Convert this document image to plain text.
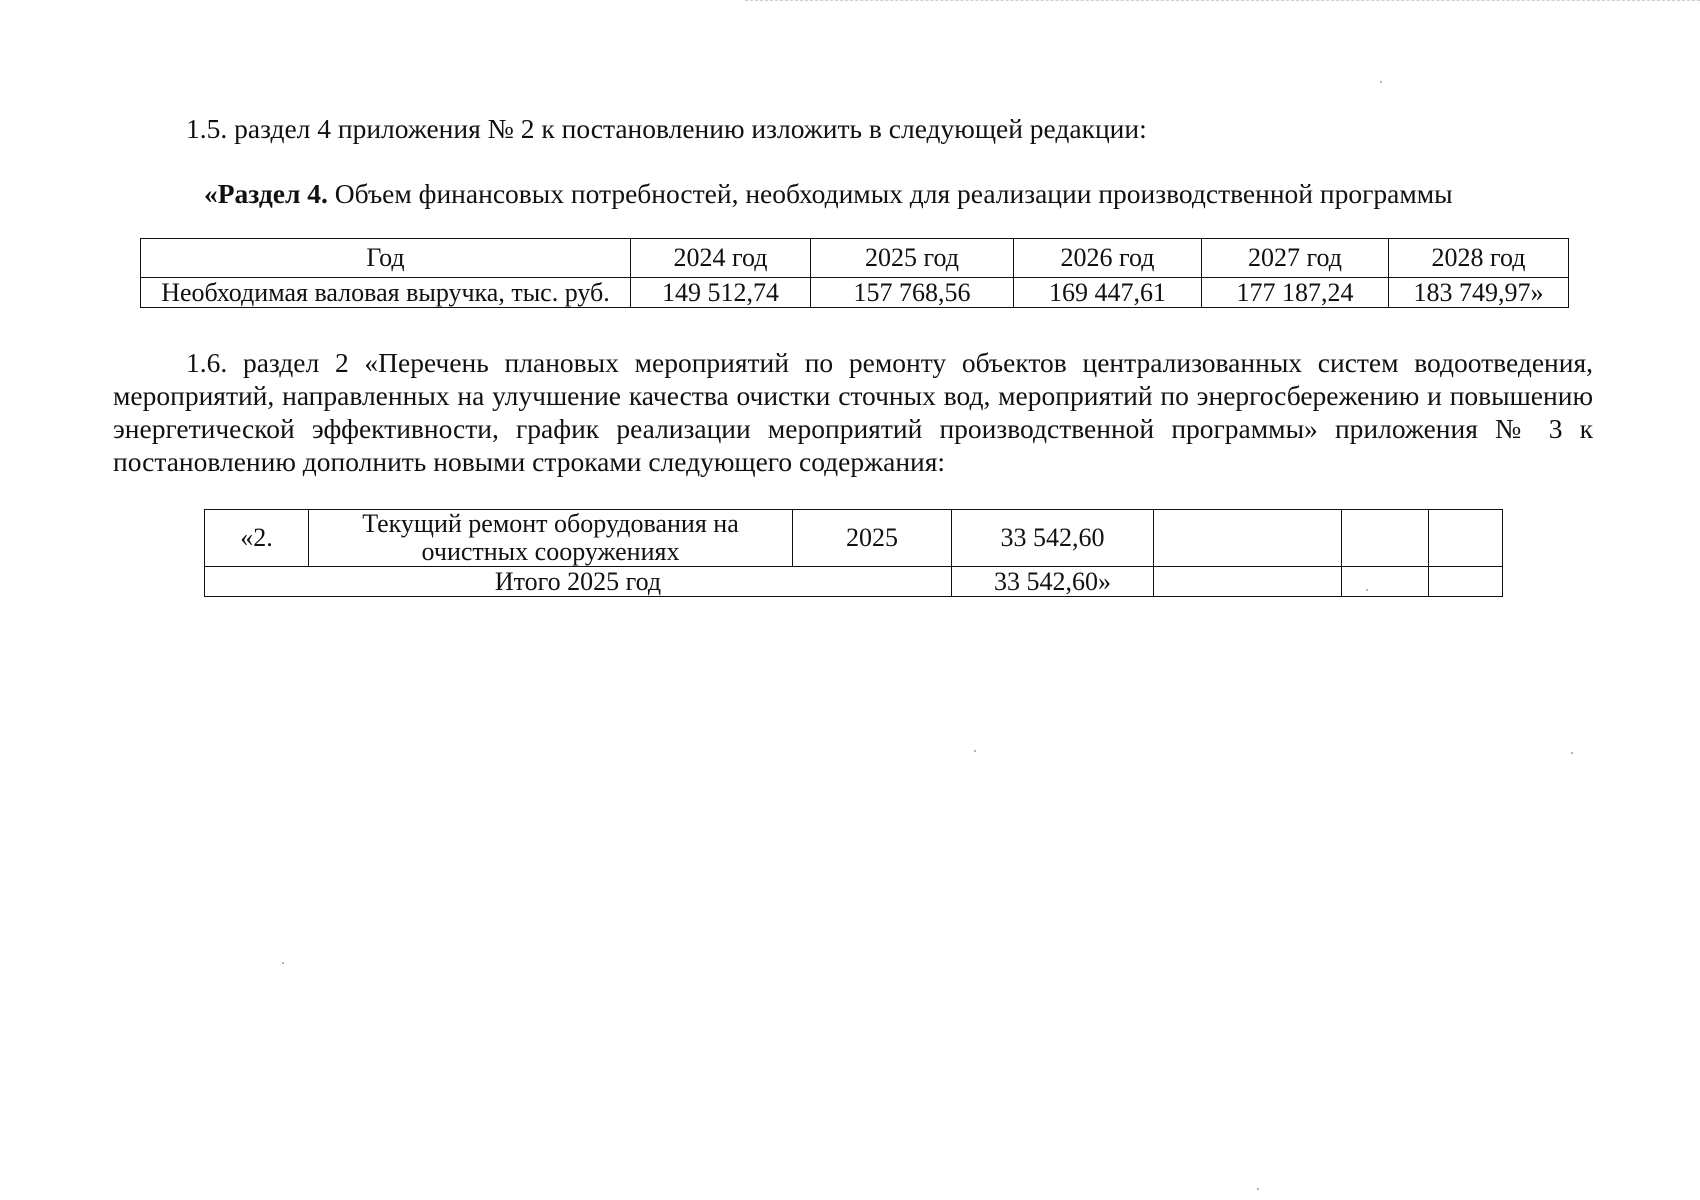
1.5. раздел 4 приложения № 2 к постановлению изложить в следующей редакции:

«Раздел 4. Объем финансовых потребностей, необходимых для реализации производственной программы

Год	2024 год	2025 год	2026 год	2027 год	2028 год
Необходимая валовая выручка, тыс. руб.	149 512,74	157 768,56	169 447,61	177 187,24	183 749,97»

1.6. раздел 2 «Перечень плановых мероприятий по ремонту объектов централизованных систем водоотведения, мероприятий, направленных на улучшение качества очистки сточных вод, мероприятий по энергосбережению и повышению энергетической эффективности, график реализации мероприятий производственной программы» приложения № 3 к постановлению дополнить новыми строками следующего содержания:

«2.	Текущий ремонт оборудования на очистных сооружениях	2025	33 542,60			
Итого 2025 год			33 542,60»			
